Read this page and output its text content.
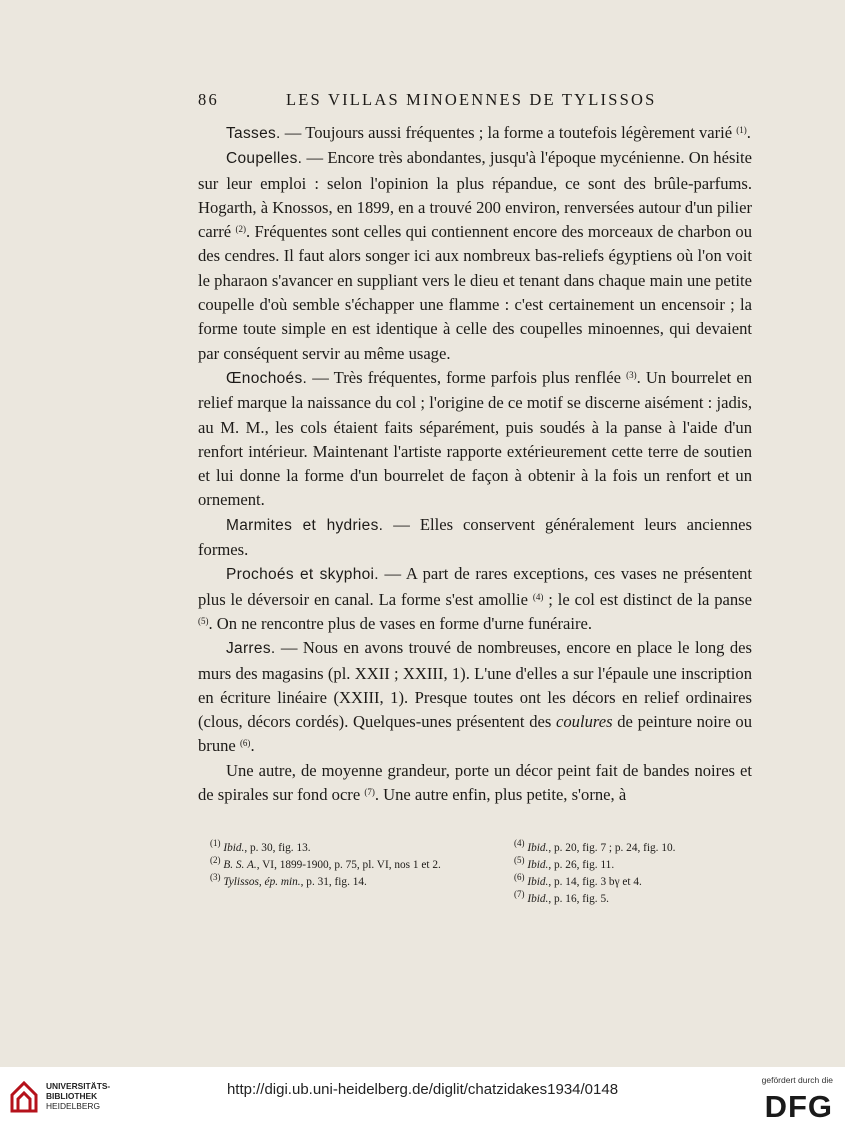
86	LES VILLAS MINOENNES DE TYLISSOS

Tasses. — Toujours aussi fréquentes ; la forme a toutefois légèrement varié $^{(1)}$.

Coupelles. — Encore très abondantes, jusqu'à l'époque mycénienne. On hésite sur leur emploi : selon l'opinion la plus répandue, ce sont des brûle-parfums. Hogarth, à Knossos, en 1899, en a trouvé 200 environ, renversées autour d'un pilier carré $^{(2)}$. Fréquentes sont celles qui contiennent encore des morceaux de charbon ou des cendres. Il faut alors songer ici aux nombreux bas-reliefs égyptiens où l'on voit le pharaon s'avancer en suppliant vers le dieu et tenant dans chaque main une petite coupelle d'où semble s'échapper une flamme : c'est certainement un encensoir ; la forme toute simple en est identique à celle des coupelles minoennes, qui devaient par conséquent servir au même usage.

Œnochoés. — Très fréquentes, forme parfois plus renflée $^{(3)}$. Un bourrelet en relief marque la naissance du col ; l'origine de ce motif se discerne aisément : jadis, au M. M., les cols étaient faits séparément, puis soudés à la panse à l'aide d'un renfort intérieur. Maintenant l'artiste rapporte extérieurement cette terre de soutien et lui donne la forme d'un bourrelet de façon à obtenir à la fois un renfort et un ornement.

Marmites et hydries. — Elles conservent généralement leurs anciennes formes.

Prochoés et skyphoi. — A part de rares exceptions, ces vases ne présentent plus le déversoir en canal. La forme s'est amollie $^{(4)}$ ; le col est distinct de la panse $^{(5)}$. On ne rencontre plus de vases en forme d'urne funéraire.

Jarres. — Nous en avons trouvé de nombreuses, encore en place le long des murs des magasins (pl. XXII ; XXIII, 1). L'une d'elles a sur l'épaule une inscription en écriture linéaire (XXIII, 1). Presque toutes ont les décors en relief ordinaires (clous, décors cordés). Quelques-unes présentent des coulures de peinture noire ou brune $^{(6)}$.

Une autre, de moyenne grandeur, porte un décor peint fait de bandes noires et de spirales sur fond ocre $^{(7)}$. Une autre enfin, plus petite, s'orne, à

$^{(1)}$ Ibid., p. 30, fig. 13.
$^{(2)}$ B. S. A., VI, 1899-1900, p. 75, pl. VI, nos 1 et 2.
$^{(3)}$ Tylissos, ép. min., p. 31, fig. 14.
$^{(4)}$ Ibid., p. 20, fig. 7 ; p. 24, fig. 10.
$^{(5)}$ Ibid., p. 26, fig. 11.
$^{(6)}$ Ibid., p. 14, fig. 3 bγ et 4.
$^{(7)}$ Ibid., p. 16, fig. 5.
UNIVERSITÄTS-
BIBLIOTHEK
HEIDELBERG
http://digi.ub.uni-heidelberg.de/diglit/chatzidakes1934/0148
gefördert durch die
DFG
